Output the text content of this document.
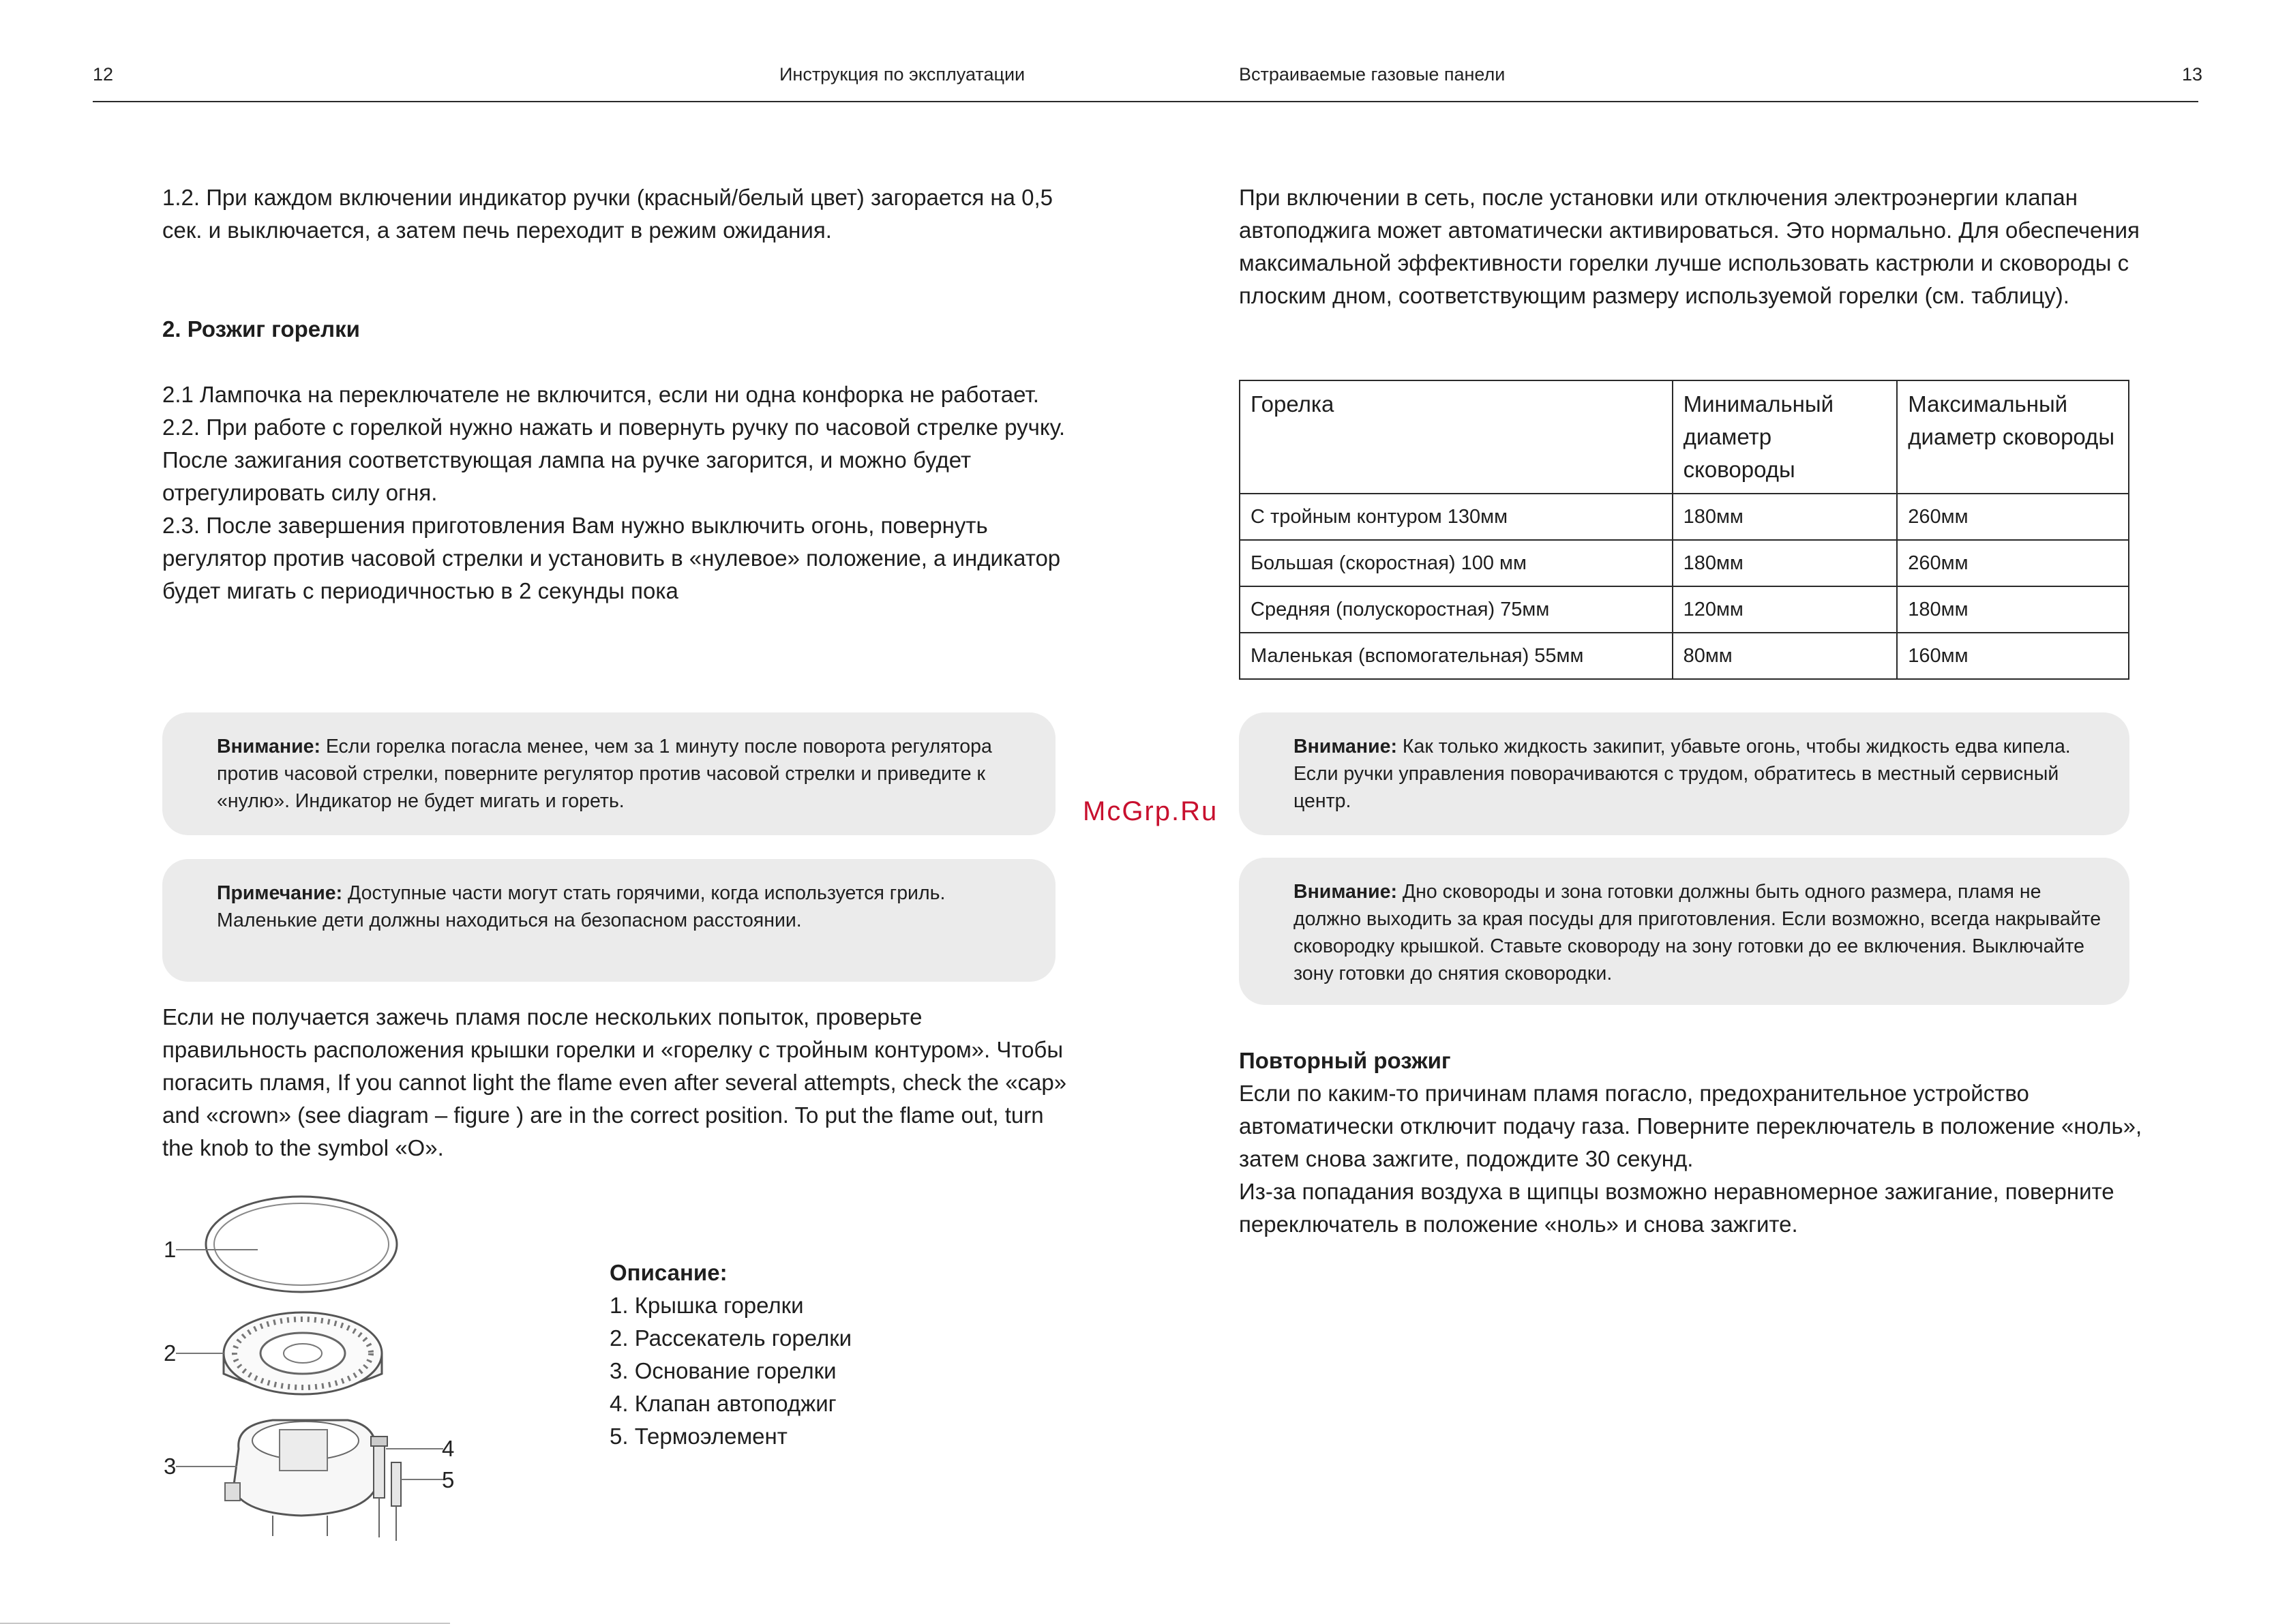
12	Инструкция по эксплуатации	Встраиваемые газовые панели	13
1.2. При каждом включении индикатор ручки (красный/белый цвет) загорается на 0,5 сек. и выключается, а затем печь переходит в режим ожидания.
2. Розжиг горелки
2.1 Лампочка на переключателе не включится, если ни одна конфорка не работает.
2.2. При работе с горелкой нужно нажать и повернуть ручку по часовой стрелке ручку. После зажигания соответствующая лампа на ручке загорится, и можно будет отрегулировать силу огня.
2.3. После завершения приготовления Вам нужно выключить огонь, повернуть регулятор против часовой стрелки и установить в «нулевое» положение, а индикатор будет мигать с периодичностью в 2 секунды пока
Внимание: Если горелка погасла менее, чем за 1 минуту после поворота регулятора против часовой стрелки, поверните регулятор против часовой стрелки и приведите к «нулю». Индикатор не будет мигать и гореть.
Примечание: Доступные части могут стать горячими, когда используется гриль. Маленькие дети должны находиться на безопасном расстоянии.
Если не получается зажечь пламя после нескольких попыток, проверьте правильность расположения крышки горелки и «горелку с тройным контуром». Чтобы погасить пламя, If you cannot light the flame even after several attempts, check the «cap» and «crown» (see diagram – figure ) are in the correct position. To put the flame out, turn the knob to the symbol «O».
1
2
3
4
5
Описание:
1. Крышка горелки
2. Рассекатель горелки
3. Основание горелки
4. Клапан автоподжиг
5. Термоэлемент
McGrp.Ru
При включении в сеть, после установки или отключения электроэнергии клапан автоподжига может автоматически активироваться. Это нормально. Для обеспечения максимальной эффективности горелки лучше использовать кастрюли и сковороды с плоским дном, соответствующим размеру используемой горелки (см. таблицу).
Горелка	Минимальный диаметр сковороды	Максимальный диаметр сковороды
С тройным контуром 130мм	180мм	260мм
Большая (скоростная) 100 мм	180мм	260мм
Средняя (полускоростная) 75мм	120мм	180мм
Маленькая (вспомогательная) 55мм	80мм	160мм
Внимание: Как только жидкость закипит, убавьте огонь, чтобы жидкость едва кипела. Если ручки управления поворачиваются с трудом, обратитесь в местный сервисный центр.
Внимание: Дно сковороды и зона готовки должны быть одного размера, пламя не должно выходить за края посуды для приготовления. Если возможно, всегда накрывайте сковородку крышкой. Ставьте сковороду на зону готовки до ее включения. Выключайте зону готовки до снятия сковородки.
Повторный розжиг
Если по каким-то причинам пламя погасло, предохранительное устройство автоматически отключит подачу газа. Поверните переключатель в положение «ноль», затем снова зажгите, подождите 30 секунд.
Из-за попадания воздуха в щипцы возможно неравномерное зажигание, поверните переключатель в положение «ноль» и снова зажгите.
